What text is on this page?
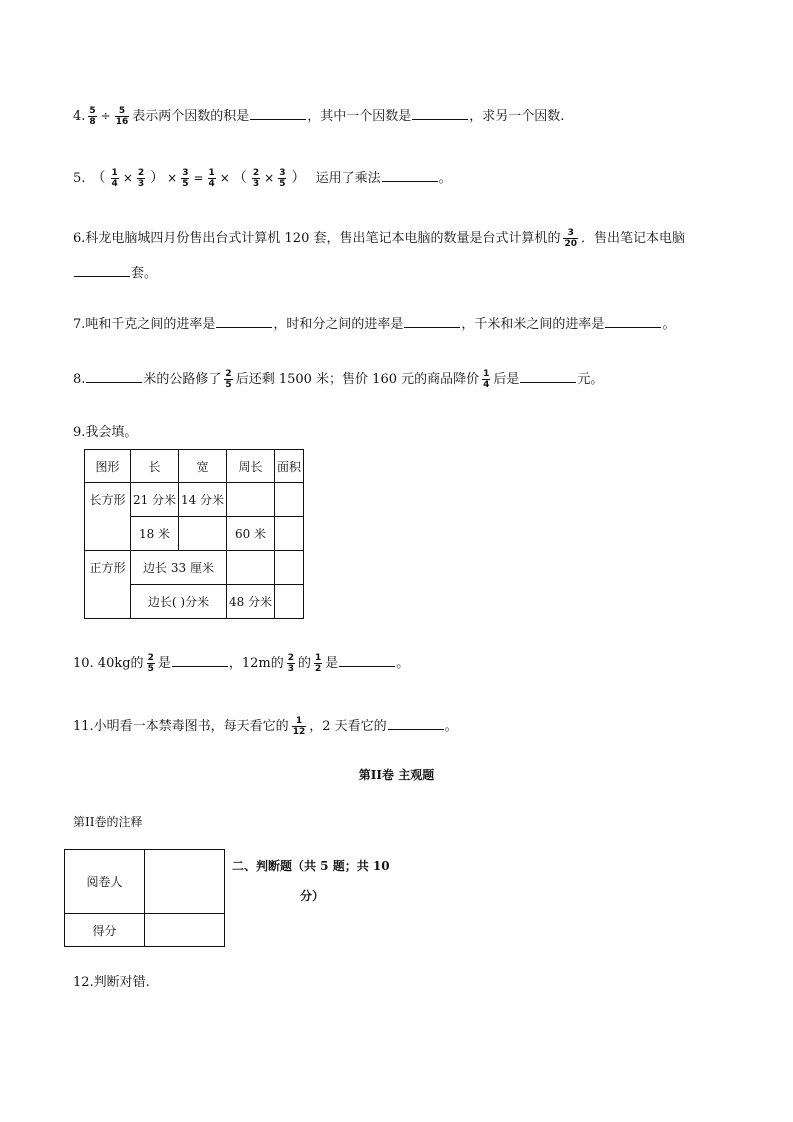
4. $\frac{5}{8} \div \frac{5}{16}$ 表示两个因数的积是	，其中一个因数是	，求另一个因数.
5. （ $\frac{1}{4} \times \frac{2}{3}$ ） × $\frac{3}{5} = \frac{1}{4}$ × （ $\frac{2}{3} \times \frac{3}{5}$ ） 运用了乘法	。
6.科龙电脑城四月份售出台式计算机 120 套，售出笔记本电脑的数量是台式计算机的 $\frac{3}{20}$ ．售出笔记本电脑
套。
7.吨和千克之间的进率是	，时和分之间的进率是	，千米和米之间的进率是	。
8.	米的公路修了 $\frac{2}{5}$ 后还剩 1500 米；售价 160 元的商品降价 $\frac{1}{4}$ 后是	元。
9.我会填。
图形	长	宽	周长	面积
长方形	21 分米	14 分米		
	18 米		60 米	
正方形	边长 33 厘米			
	边长( )分米		48 分米	
10. 40kg的 $\frac{2}{5}$ 是	，12m的 $\frac{2}{3}$ 的 $\frac{1}{2}$ 是	。
11.小明看一本禁毒图书，每天看它的 $\frac{1}{12}$ ，2 天看它的	。
第II卷 主观题
第II卷的注释
阅卷人	
得分	
二、判断题（共 5 题；共 10
分）
12.判断对错.
